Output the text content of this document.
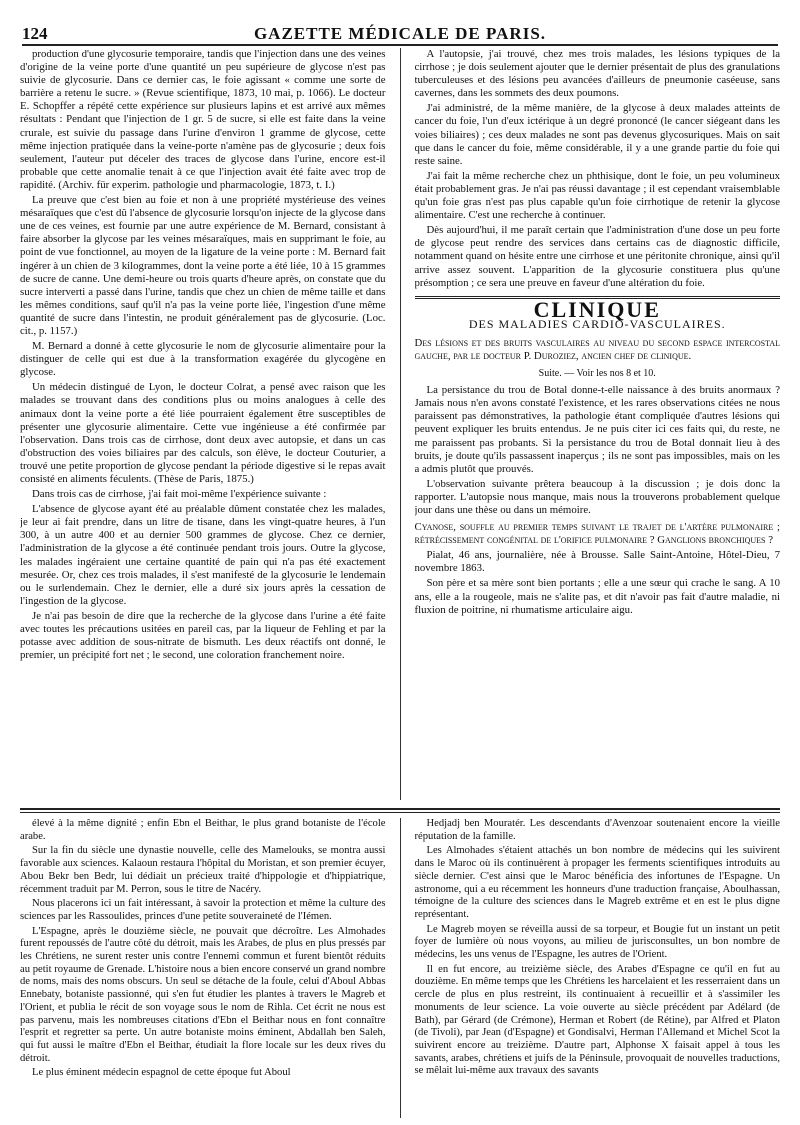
124	GAZETTE MÉDICALE DE PARIS.

production d'une glycosurie temporaire, tandis que l'injection dans une des veines d'origine de la veine porte d'une quantité un peu supérieure de glycose n'est pas suivie de glycosurie. Dans ce dernier cas, le foie agissant « comme une sorte de barrière a retenu le sucre. » (Revue scientifique, 1873, 10 mai, p. 1066). Le docteur E. Schopffer a répété cette expérience sur plusieurs lapins et est arrivé aux mêmes résultats : Pendant que l'injection de 1 gr. 5 de sucre, si elle est faite dans la veine crurale, est suivie du passage dans l'urine d'environ 1 gramme de glycose, cette même injection pratiquée dans la veine-porte n'amène pas de glycosurie ; deux fois seulement, l'auteur put déceler des traces de glycose dans l'urine, encore est-il probable que cette anomalie tenait à ce que l'injection avait été faite avec trop de rapidité. (Archiv. für experim. pathologie und pharmacologie, 1873, t. I.)

La preuve que c'est bien au foie et non à une propriété mystérieuse des veines mésaraïques que c'est dû l'absence de glycosurie lorsqu'on injecte de la glycose dans une de ces veines, est fournie par une autre expérience de M. Bernard, consistant à faire absorber la glycose par les veines mésaraïques, mais en supprimant le foie, au point de vue fonctionnel, au moyen de la ligature de la veine porte : M. Bernard fait ingérer à un chien de 3 kilogrammes, dont la veine porte a été liée, 10 à 15 grammes de sucre de canne. Une demi-heure ou trois quarts d'heure après, on constate que du sucre interverti a passé dans l'urine, tandis que chez un chien de même taille et dans les mêmes conditions, sauf qu'il n'a pas la veine porte liée, l'ingestion d'une même quantité de sucre dans l'intestin, ne produit généralement pas de glycosurie. (Loc. cit., p. 1157.)

M. Bernard a donné à cette glycosurie le nom de glycosurie alimentaire pour la distinguer de celle qui est due à la transformation exagérée du glycogène en glycose.

Un médecin distingué de Lyon, le docteur Colrat, a pensé avec raison que les malades se trouvant dans des conditions plus ou moins analogues à celle des animaux dont la veine porte a été liée pourraient également être susceptibles de présenter une glycosurie alimentaire. Cette vue ingénieuse a été confirmée par l'observation. Dans trois cas de cirrhose, dont deux avec autopsie, et dans un cas d'obstruction des voies biliaires par des calculs, son élève, le docteur Couturier, a trouvé une petite proportion de glycose pendant la période digestive si le repas avait consisté en aliments féculents. (Thèse de Paris, 1875.)

Dans trois cas de cirrhose, j'ai fait moi-même l'expérience suivante :

L'absence de glycose ayant été au préalable dûment constatée chez les malades, je leur ai fait prendre, dans un litre de tisane, dans les vingt-quatre heures, à l'un 300, à un autre 400 et au dernier 500 grammes de glycose. Chez ce dernier, l'administration de la glycose a été continuée pendant trois jours. Outre la glycose, les malades ingéraient une certaine quantité de pain qui n'a pas été exactement mesurée. Or, chez ces trois malades, il s'est manifesté de la glycosurie le lendemain ou le surlendemain. Chez le dernier, elle a duré six jours après la cessation de l'ingestion de la glycose.

Je n'ai pas besoin de dire que la recherche de la glycose dans l'urine a été faite avec toutes les précautions usitées en pareil cas, par la liqueur de Fehling et par la potasse avec addition de sous-nitrate de bismuth. Les deux réactifs ont donné, le premier, un précipité fort net ; le second, une coloration franchement noire.

A l'autopsie, j'ai trouvé, chez mes trois malades, les lésions typiques de la cirrhose ; je dois seulement ajouter que le dernier présentait de plus des granulations tuberculeuses et des lésions peu avancées d'ailleurs de pneumonie caséeuse, sans cavernes, dans les sommets des deux poumons.

J'ai administré, de la même manière, de la glycose à deux malades atteints de cancer du foie, l'un d'eux ictérique à un degré prononcé (le cancer siégeant dans les voies biliaires) ; ces deux malades ne sont pas devenus glycosuriques. Mais on sait que dans le cancer du foie, même considérable, il y a une grande partie du foie qui reste saine.

J'ai fait la même recherche chez un phthisique, dont le foie, un peu volumineux était probablement gras. Je n'ai pas réussi davantage ; il est cependant vraisemblable qu'un foie gras n'est pas plus capable qu'un foie cirrhotique de retenir la glycose alimentaire. C'est une recherche à continuer.

Dès aujourd'hui, il me paraît certain que l'administration d'une dose un peu forte de glycose peut rendre des services dans certains cas de diagnostic difficile, notamment quand on hésite entre une cirrhose et une péritonite chronique, ainsi qu'il arrive assez souvent. L'apparition de la glycosurie constituera plus qu'une présomption ; ce sera une preuve en faveur d'une altération du foie.

CLINIQUE
DES MALADIES CARDIO-VASCULAIRES.

Des lésions et des bruits vasculaires au niveau du second espace intercostal gauche, par le docteur P. Duroziez, ancien chef de clinique.

Suite. — Voir les nos 8 et 10.

La persistance du trou de Botal donne-t-elle naissance à des bruits anormaux ? Jamais nous n'en avons constaté l'existence, et les rares observations citées ne nous paraissent pas démonstratives, la pathologie étant compliquée d'autres lésions qui peuvent expliquer les bruits entendus. Je ne puis citer ici ces faits qui, du reste, ne me paraissent pas probants. Si la persistance du trou de Botal donnait lieu à des bruits, je doute qu'ils passassent inaperçus ; ils ne sont pas impossibles, mais on les a admis plutôt que prouvés.

L'observation suivante prêtera beaucoup à la discussion ; je dois donc la rapporter. L'autopsie nous manque, mais nous la trouverons probablement quelque jour dans une thèse ou dans un mémoire.

Cyanose, souffle au premier temps suivant le trajet de l'artère pulmonaire ; rétrécissement congénital de l'orifice pulmonaire ? Ganglions bronchiques ?

Pialat, 46 ans, journalière, née à Brousse. Salle Saint-Antoine, Hôtel-Dieu, 7 novembre 1863.

Son père et sa mère sont bien portants ; elle a une sœur qui crache le sang. A 10 ans, elle a la rougeole, mais ne s'alite pas, et dit n'avoir pas fait d'autre maladie, ni fluxion de poitrine, ni rhumatisme articulaire aigu.

élevé à la même dignité ; enfin Ebn el Beithar, le plus grand botaniste de l'école arabe.

Sur la fin du siècle une dynastie nouvelle, celle des Mamelouks, se montra aussi favorable aux sciences. Kalaoun restaura l'hôpital du Moristan, et son premier écuyer, Abou Bekr ben Bedr, lui dédiait un précieux traité d'hippologie et d'hippiatrique, récemment traduit par M. Perron, sous le titre de Nacéry.

Nous placerons ici un fait intéressant, à savoir la protection et même la culture des sciences par les Rassoulides, princes d'une petite souveraineté de l'Iémen.

L'Espagne, après le douzième siècle, ne pouvait que décroître. Les Almohades furent repoussés de l'autre côté du détroit, mais les Arabes, de plus en plus pressés par les Chrétiens, ne surent rester unis contre l'ennemi commun et furent bientôt réduits au petit royaume de Grenade. L'histoire nous a bien encore conservé un grand nombre de noms, mais des noms obscurs. Un seul se détache de la foule, celui d'Aboul Abbas Ennebaty, botaniste passionné, qui s'en fut étudier les plantes à travers le Magreb et l'Orient, et publia le récit de son voyage sous le nom de Rihla. Cet écrit ne nous est pas parvenu, mais les nombreuses citations d'Ebn el Beithar nous en font connaître l'esprit et regretter sa perte. Un autre botaniste moins éminent, Abdallah ben Saleh, qui fut aussi le maître d'Ebn el Beithar, étudiait la flore locale sur les deux rives du détroit.

Le plus éminent médecin espagnol de cette époque fut Aboul

Hedjadj ben Mouratér. Les descendants d'Avenzoar soutenaient encore la vieille réputation de la famille.

Les Almohades s'étaient attachés un bon nombre de médecins qui les suivirent dans le Maroc où ils continuèrent à propager les ferments scientifiques introduits au siècle dernier. C'est ainsi que le Maroc bénéficia des infortunes de l'Espagne. Un astronome, qui a eu récemment les honneurs d'une traduction française, Aboulhassan, témoigne de la culture des sciences dans le Magreb extrême et en est le plus digne représentant.

Le Magreb moyen se réveilla aussi de sa torpeur, et Bougie fut un instant un petit foyer de lumière où nous voyons, au milieu de jurisconsultes, un bon nombre de médecins, les uns venus de l'Espagne, les autres de l'Orient.

Il en fut encore, au treizième siècle, des Arabes d'Espagne ce qu'il en fut au douzième. En même temps que les Chrétiens les harcelaient et les resserraient dans un cercle de plus en plus restreint, ils continuaient à recueillir et à s'assimiler les monuments de leur science. La voie ouverte au siècle précédent par Adélard (de Bath), par Gérard (de Crémone), Herman et Robert (de Rétine), par Alfred et Platon (de Tivoli), par Jean (d'Espagne) et Gondisalvi, Herman l'Allemand et Michel Scot la suivirent encore au treizième. D'autre part, Alphonse X faisait appel à tous les savants, arabes, chrétiens et juifs de la Péninsule, provoquait de nouvelles traductions, se mêlait lui-même aux travaux des savants
